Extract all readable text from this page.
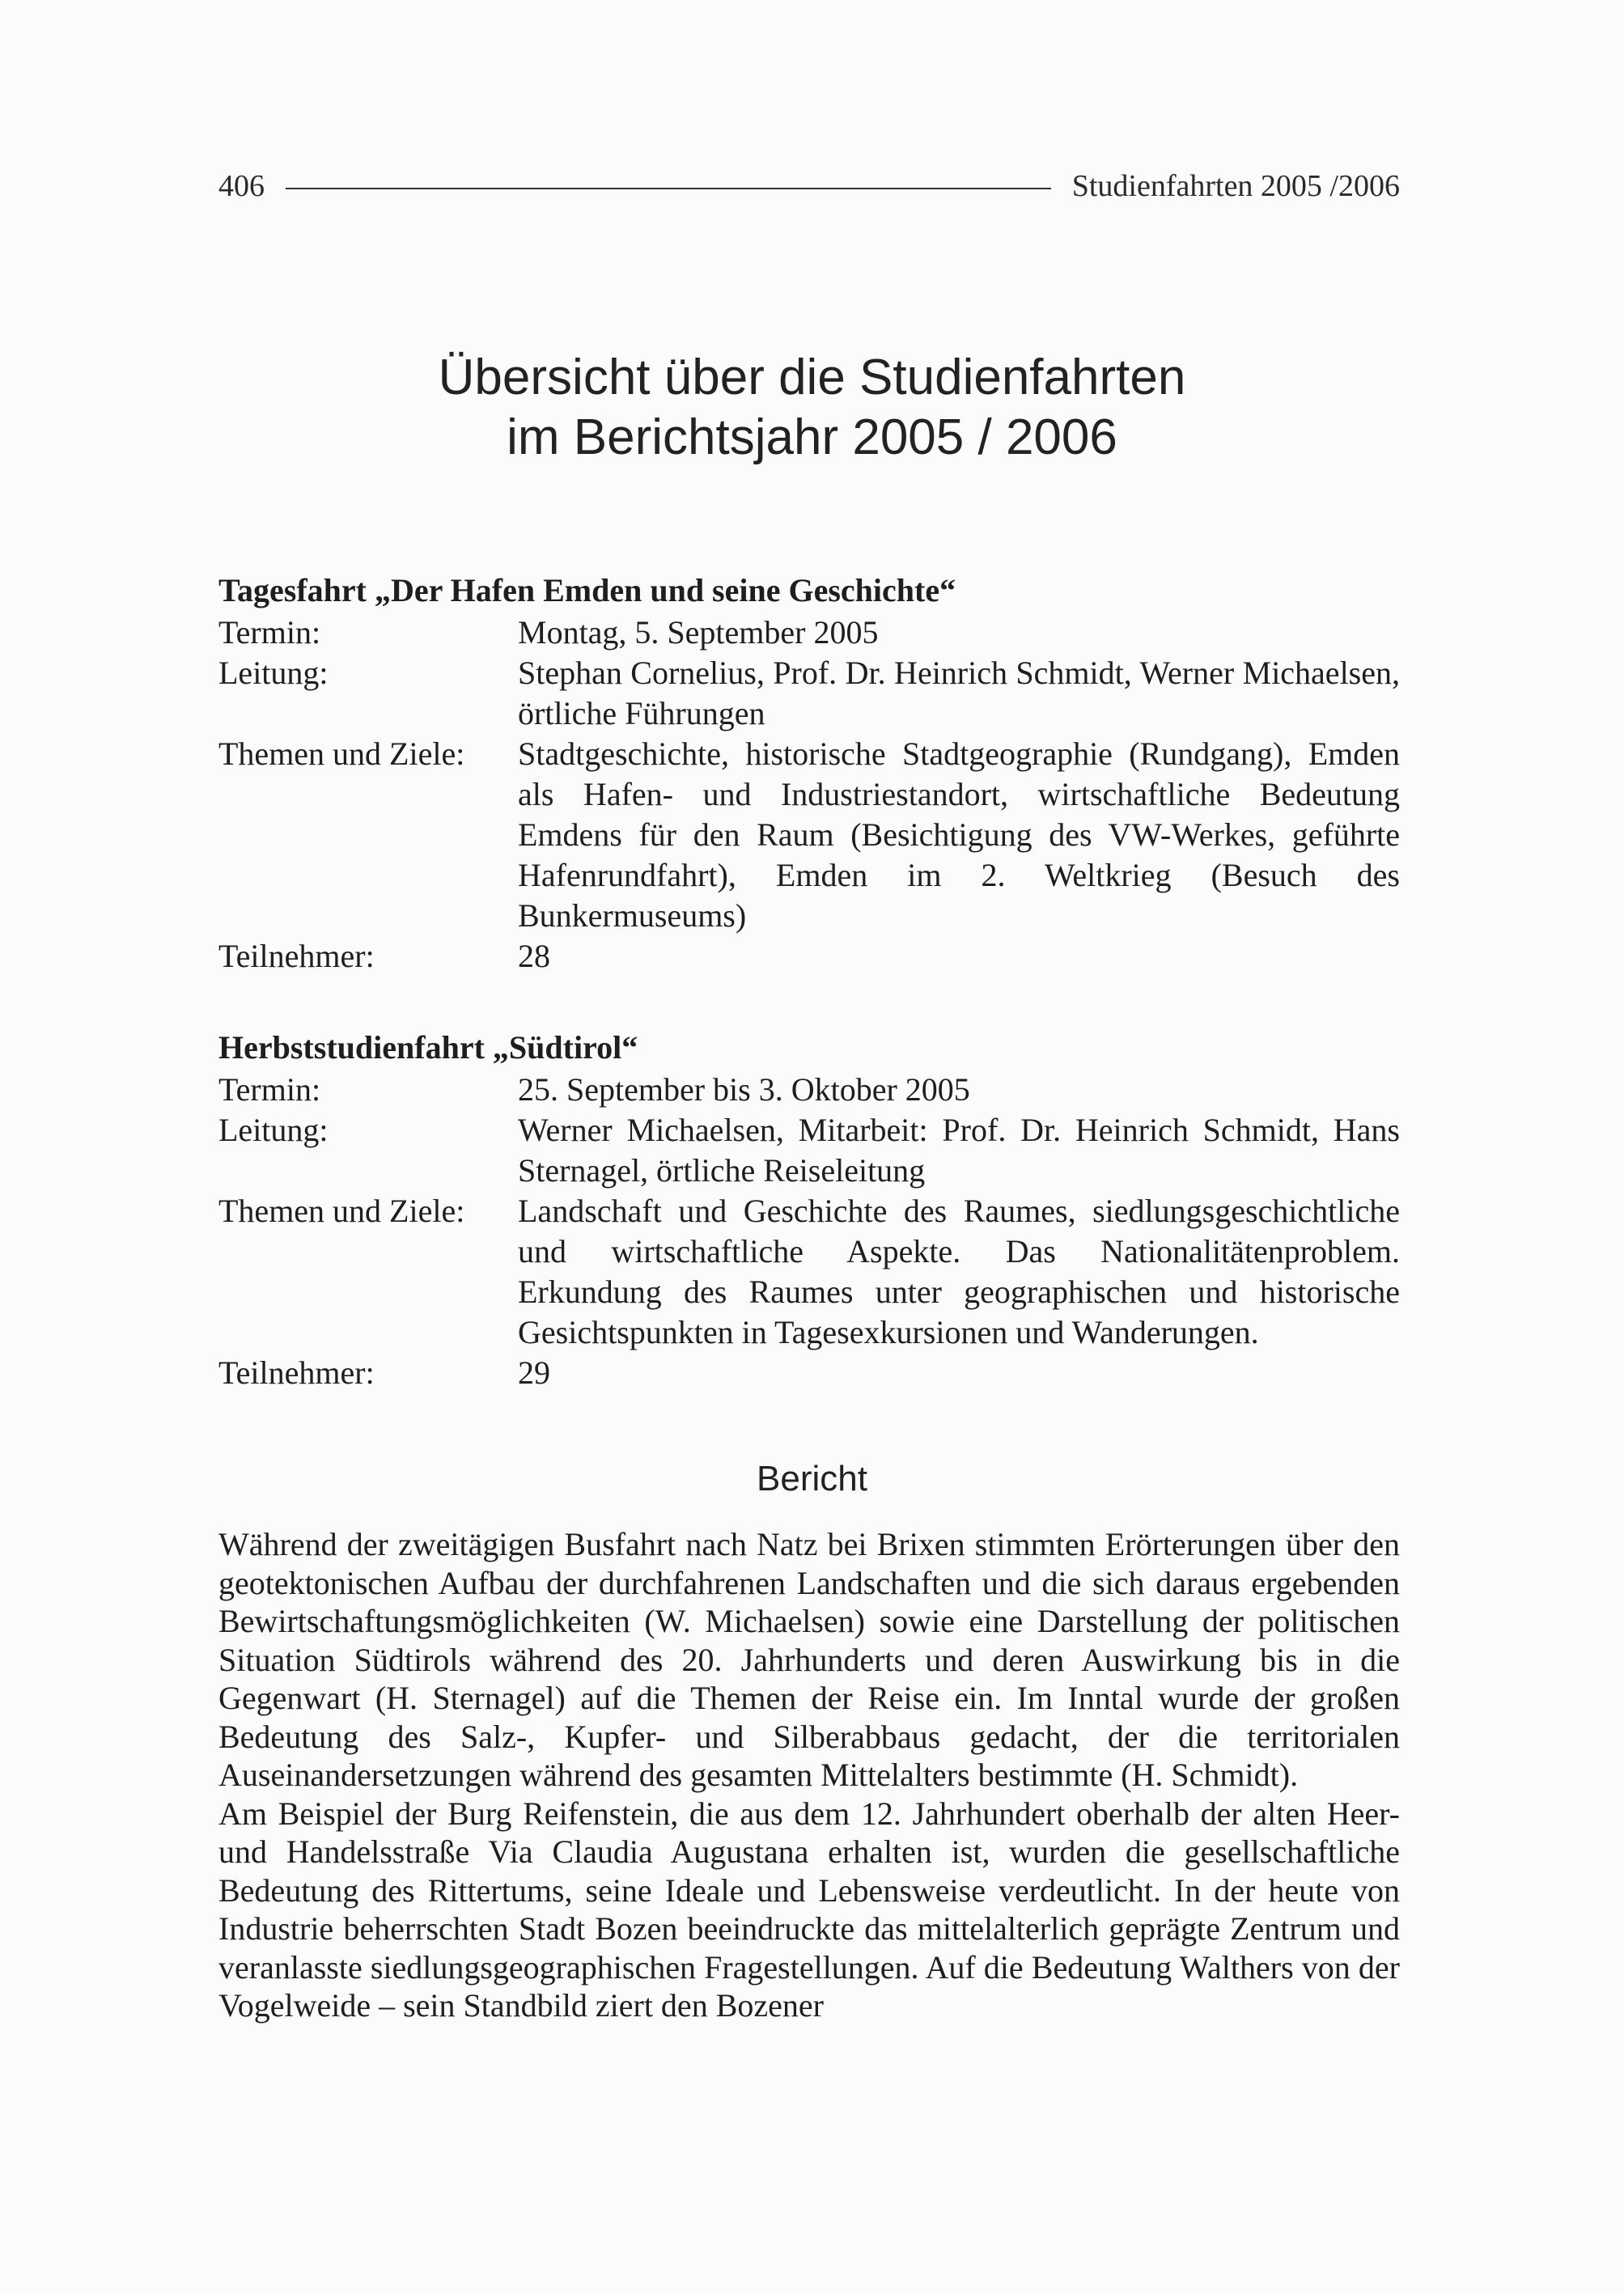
406	Studienfahrten 2005 /2006
Übersicht über die Studienfahrten
im Berichtsjahr 2005 / 2006
Tagesfahrt „Der Hafen Emden und seine Geschichte“
Termin:	Montag, 5. September 2005
Leitung:	Stephan Cornelius, Prof. Dr. Heinrich Schmidt, Werner Michaelsen, örtliche Führungen
Themen und Ziele:	Stadtgeschichte, historische Stadtgeographie (Rundgang), Emden als Hafen- und Industriestandort, wirtschaftliche Bedeutung Emdens für den Raum (Besichtigung des VW-Werkes, geführte Hafenrundfahrt), Emden im 2. Weltkrieg (Besuch des Bunkermuseums)
Teilnehmer:	28
Herbststudienfahrt „Südtirol“
Termin:	25. September bis 3. Oktober 2005
Leitung:	Werner Michaelsen, Mitarbeit: Prof. Dr. Heinrich Schmidt, Hans Sternagel, örtliche Reiseleitung
Themen und Ziele:	Landschaft und Geschichte des Raumes, siedlungsgeschichtliche und wirtschaftliche Aspekte. Das Nationalitätenproblem. Erkundung des Raumes unter geographischen und historische Gesichtspunkten in Tagesexkursionen und Wanderungen.
Teilnehmer:	29
Bericht

Während der zweitägigen Busfahrt nach Natz bei Brixen stimmten Erörterungen über den geotektonischen Aufbau der durchfahrenen Landschaften und die sich daraus ergebenden Bewirtschaftungsmöglichkeiten (W. Michaelsen) sowie eine Darstellung der politischen Situation Südtirols während des 20. Jahrhunderts und deren Auswirkung bis in die Gegenwart (H. Sternagel) auf die Themen der Reise ein. Im Inntal wurde der großen Bedeutung des Salz-, Kupfer- und Silberabbaus gedacht, der die territorialen Auseinandersetzungen während des gesamten Mittelalters bestimmte (H. Schmidt).

Am Beispiel der Burg Reifenstein, die aus dem 12. Jahrhundert oberhalb der alten Heer- und Handelsstraße Via Claudia Augustana erhalten ist, wurden die gesellschaftliche Bedeutung des Rittertums, seine Ideale und Lebensweise verdeutlicht. In der heute von Industrie beherrschten Stadt Bozen beeindruckte das mittelalterlich geprägte Zentrum und veranlasste siedlungsgeographischen Fragestellungen. Auf die Bedeutung Walthers von der Vogelweide – sein Standbild ziert den Bozener
